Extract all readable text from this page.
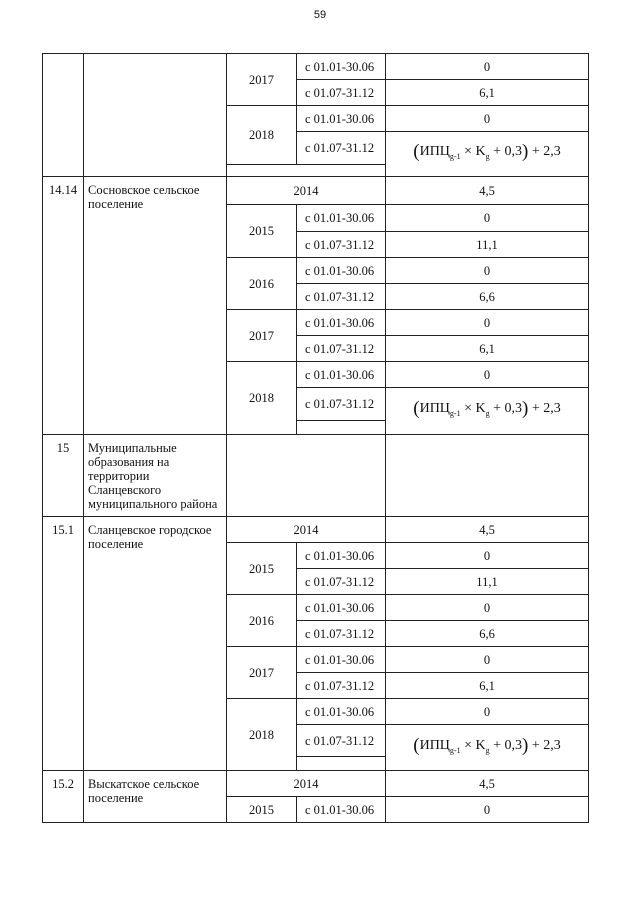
59
		2017	с 01.01-30.06	0
			с 01.07-31.12	6,1
		2018	с 01.01-30.06	0
			с 01.07-31.12	$(ИПЦ_{g-1} \times K_g + 0,3) + 2,3$

14.14	Сосновское сельское поселение	2014		4,5
		2015	с 01.01-30.06	0
			с 01.07-31.12	11,1
		2016	с 01.01-30.06	0
			с 01.07-31.12	6,6
		2017	с 01.01-30.06	0
			с 01.07-31.12	6,1
		2018	с 01.01-30.06	0
			с 01.07-31.12	$(ИПЦ_{g-1} \times K_g + 0,3) + 2,3$

15	Муниципальные образования на территории Сланцевского муниципального района			
15.1	Сланцевское городское поселение	2014		4,5
		2015	с 01.01-30.06	0
			с 01.07-31.12	11,1
		2016	с 01.01-30.06	0
			с 01.07-31.12	6,6
		2017	с 01.01-30.06	0
			с 01.07-31.12	6,1
		2018	с 01.01-30.06	0
			с 01.07-31.12	$(ИПЦ_{g-1} \times K_g + 0,3) + 2,3$

15.2	Выскатское сельское поселение	2014		4,5
		2015	с 01.01-30.06	0
